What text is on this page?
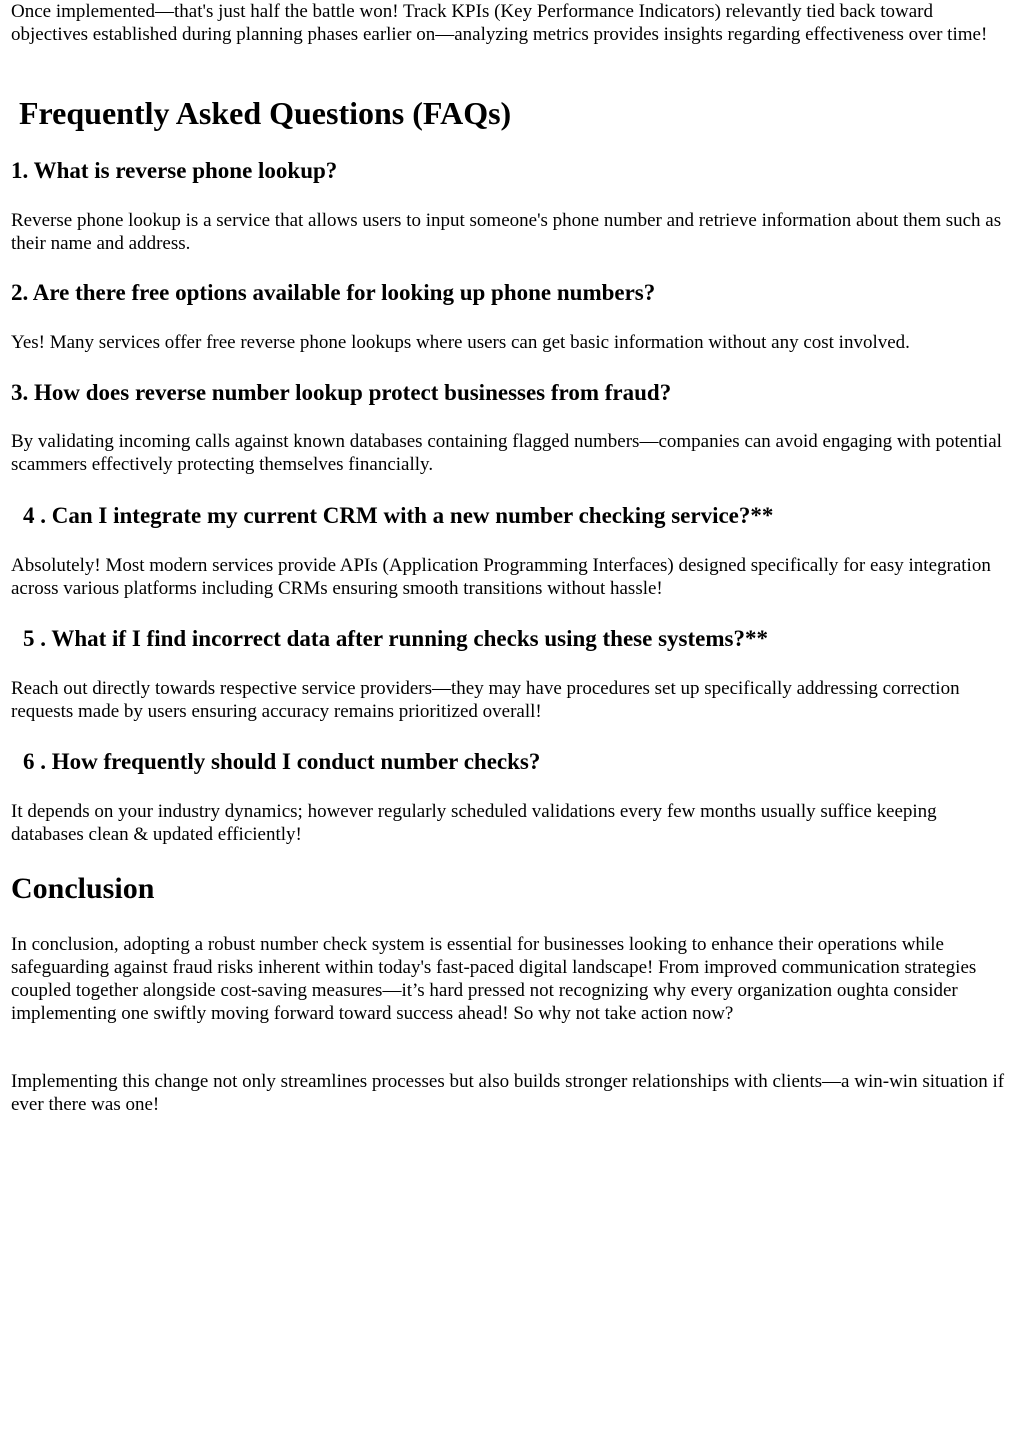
Once implemented—that's just half the battle won! Track KPIs (Key Performance Indicators) relevantly tied back toward objectives established during planning phases earlier on—analyzing metrics provides insights regarding effectiveness over time!

Frequently Asked Questions (FAQs)
1. What is reverse phone lookup?

Reverse phone lookup is a service that allows users to input someone's phone number and retrieve information about them such as their name and address.

2. Are there free options available for looking up phone numbers?

Yes! Many services offer free reverse phone lookups where users can get basic information without any cost involved.

3. How does reverse number lookup protect businesses from fraud?

By validating incoming calls against known databases containing flagged numbers—companies can avoid engaging with potential scammers effectively protecting themselves financially.

4 . Can I integrate my current CRM with a new number checking service?**

Absolutely! Most modern services provide APIs (Application Programming Interfaces) designed specifically for easy integration across various platforms including CRMs ensuring smooth transitions without hassle!

5 . What if I find incorrect data after running checks using these systems?**

Reach out directly towards respective service providers—they may have procedures set up specifically addressing correction requests made by users ensuring accuracy remains prioritized overall!

6 . How frequently should I conduct number checks?

It depends on your industry dynamics; however regularly scheduled validations every few months usually suffice keeping databases clean & updated efficiently!

Conclusion

In conclusion, adopting a robust number check system is essential for businesses looking to enhance their operations while safeguarding against fraud risks inherent within today's fast-paced digital landscape! From improved communication strategies coupled together alongside cost-saving measures—it’s hard pressed not recognizing why every organization oughta consider implementing one swiftly moving forward toward success ahead! So why not take action now?

Implementing this change not only streamlines processes but also builds stronger relationships with clients—a win-win situation if ever there was one!
